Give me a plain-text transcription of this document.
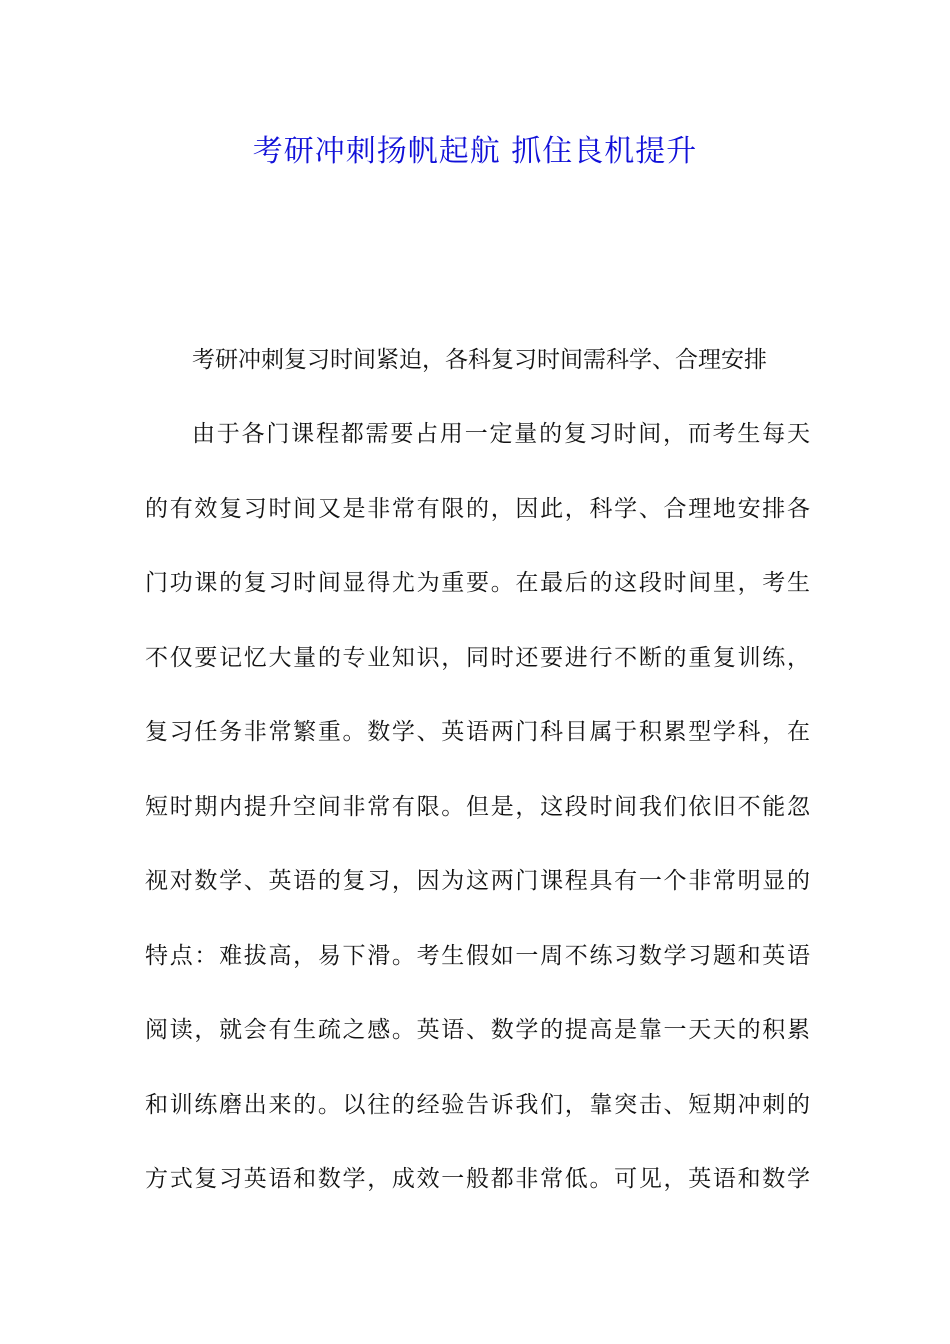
考研冲刺扬帆起航 抓住良机提升

考研冲刺复习时间紧迫，各科复习时间需科学、合理安排

由于各门课程都需要占用一定量的复习时间，而考生每天

的有效复习时间又是非常有限的，因此，科学、合理地安排各

门功课的复习时间显得尤为重要。在最后的这段时间里，考生

不仅要记忆大量的专业知识，同时还要进行不断的重复训练，

复习任务非常繁重。数学、英语两门科目属于积累型学科，在

短时期内提升空间非常有限。但是，这段时间我们依旧不能忽

视对数学、英语的复习，因为这两门课程具有一个非常明显的

特点：难拔高，易下滑。考生假如一周不练习数学习题和英语

阅读，就会有生疏之感。英语、数学的提高是靠一天天的积累

和训练磨出来的。以往的经验告诉我们，靠突击、短期冲刺的

方式复习英语和数学，成效一般都非常低。可见，英语和数学
